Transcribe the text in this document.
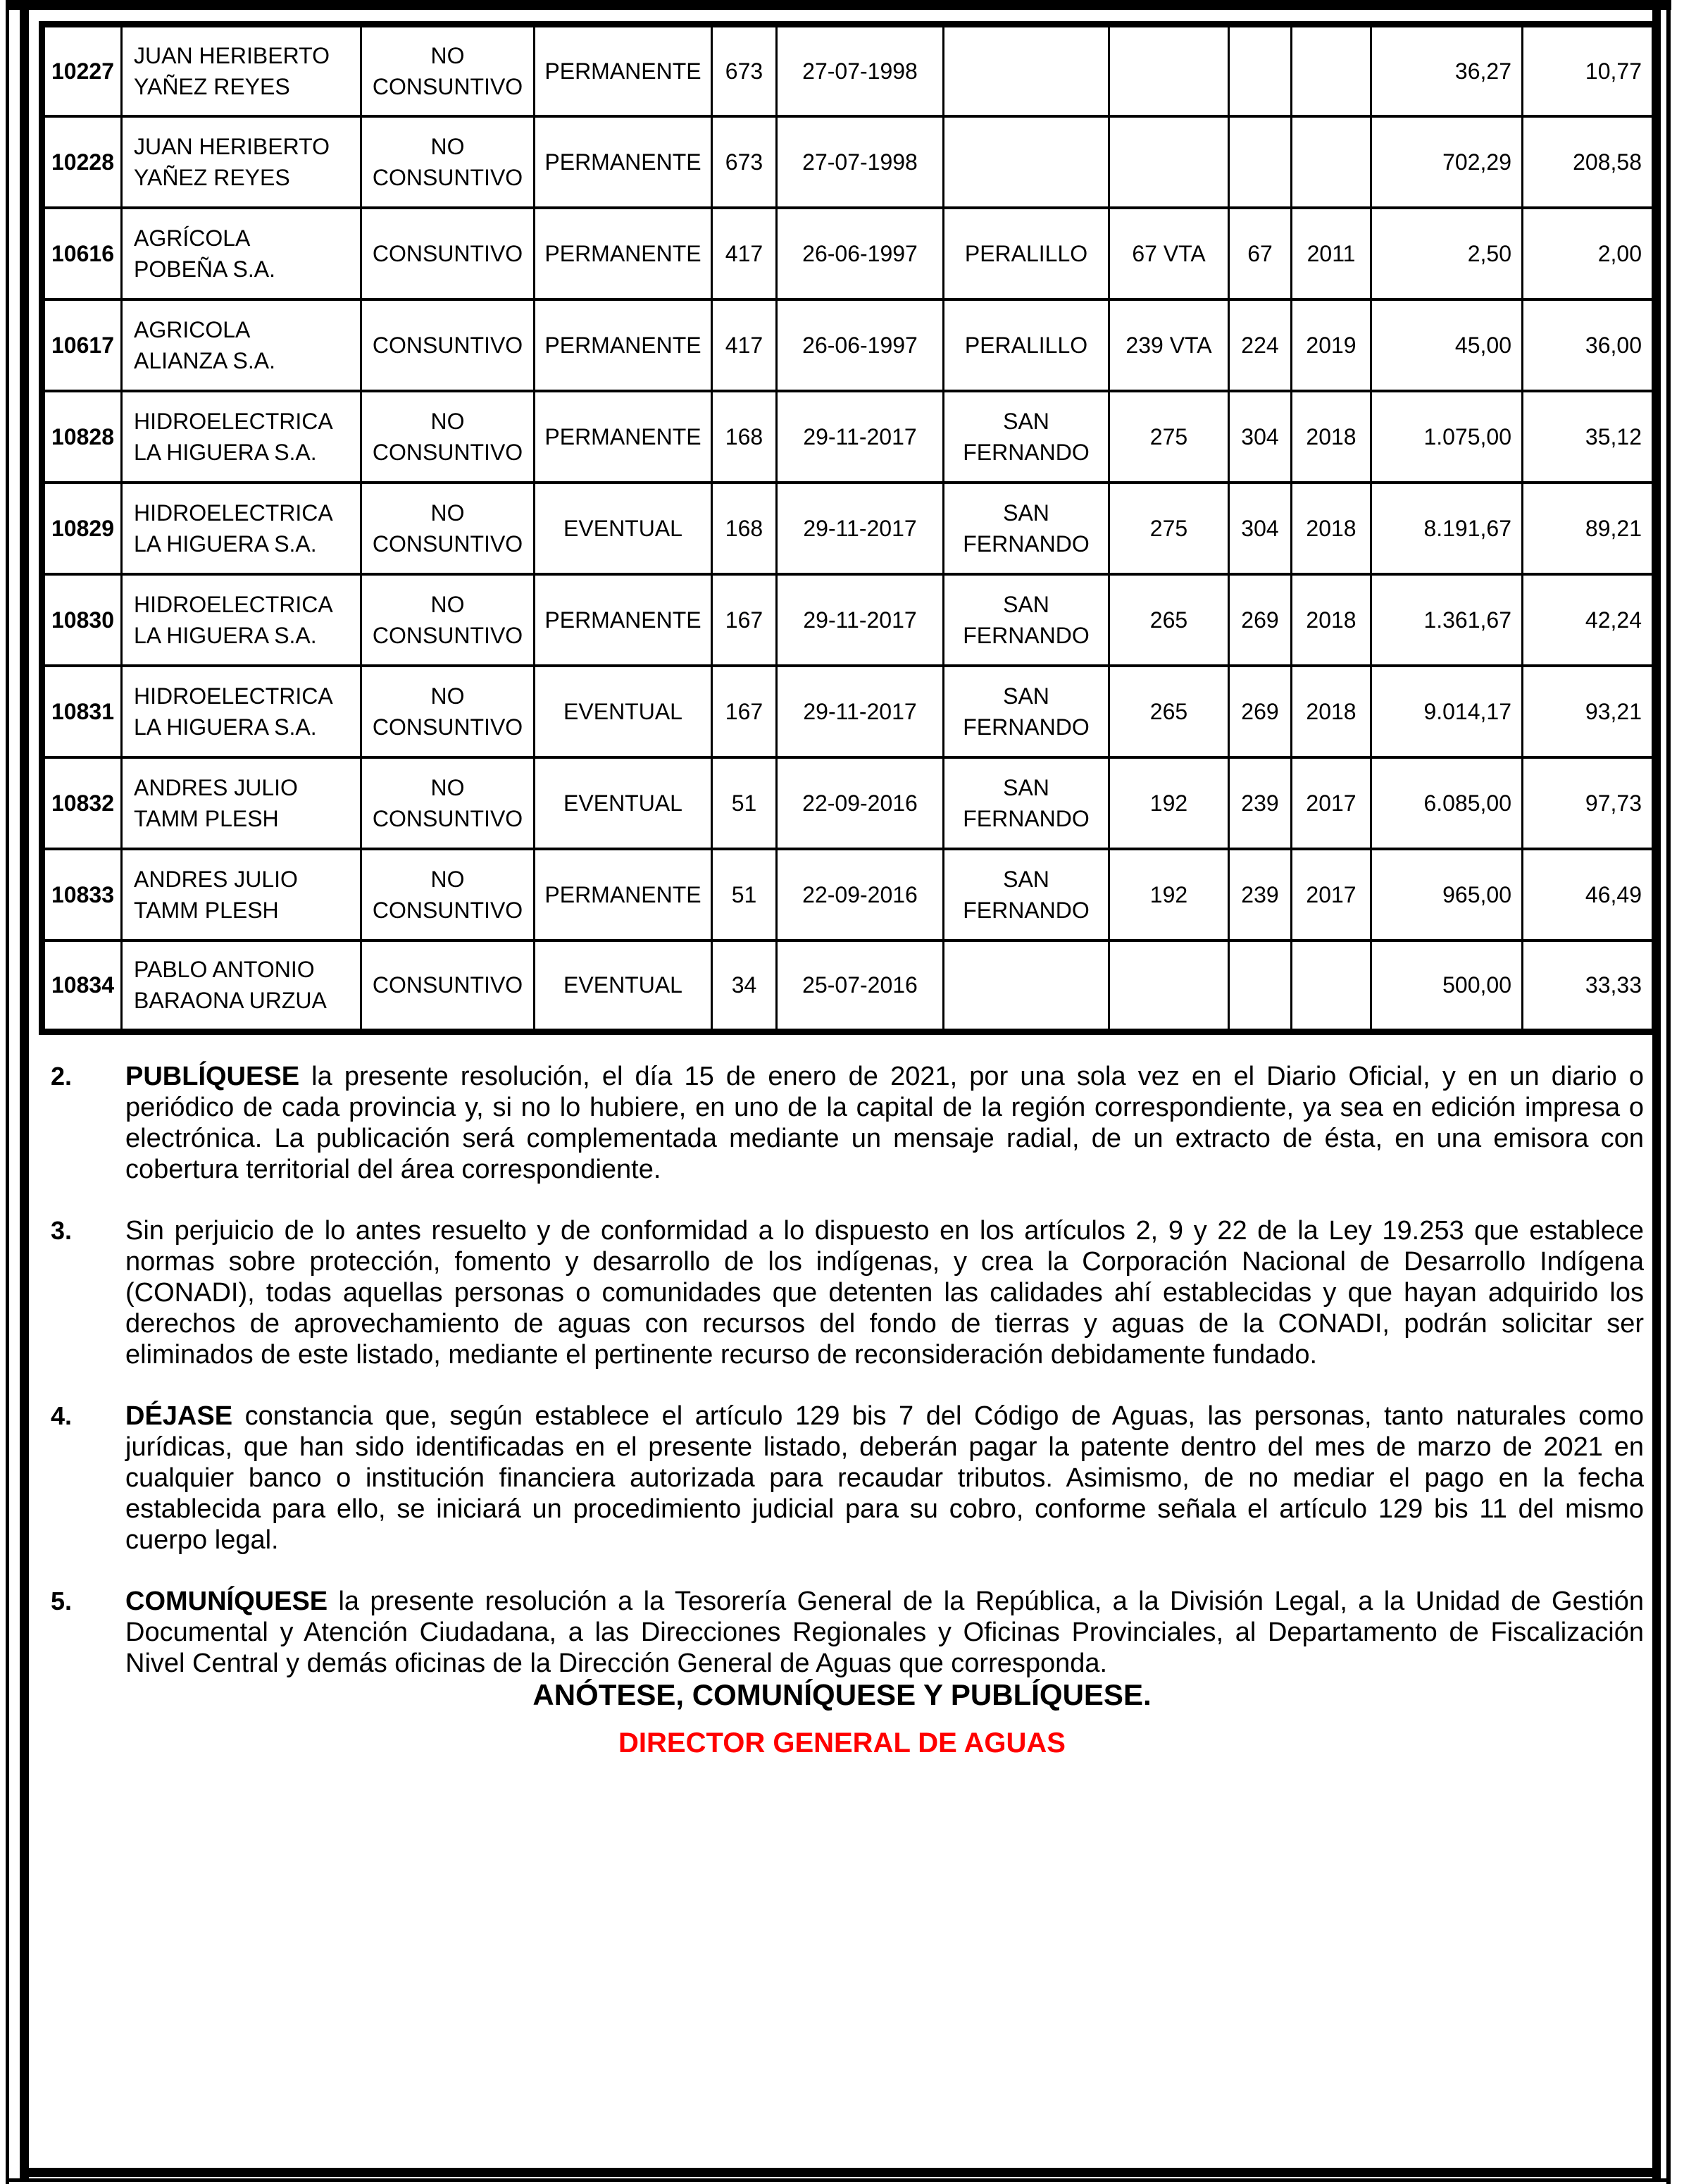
10227	JUAN HERIBERTO YAÑEZ REYES	NO CONSUNTIVO	PERMANENTE	673	27-07-1998					36,27	10,77
10228	JUAN HERIBERTO YAÑEZ REYES	NO CONSUNTIVO	PERMANENTE	673	27-07-1998					702,29	208,58
10616	AGRÍCOLA POBEÑA S.A.	CONSUNTIVO	PERMANENTE	417	26-06-1997	PERALILLO	67 VTA	67	2011	2,50	2,00
10617	AGRICOLA ALIANZA S.A.	CONSUNTIVO	PERMANENTE	417	26-06-1997	PERALILLO	239 VTA	224	2019	45,00	36,00
10828	HIDROELECTRICA LA HIGUERA S.A.	NO CONSUNTIVO	PERMANENTE	168	29-11-2017	SAN FERNANDO	275	304	2018	1.075,00	35,12
10829	HIDROELECTRICA LA HIGUERA S.A.	NO CONSUNTIVO	EVENTUAL	168	29-11-2017	SAN FERNANDO	275	304	2018	8.191,67	89,21
10830	HIDROELECTRICA LA HIGUERA S.A.	NO CONSUNTIVO	PERMANENTE	167	29-11-2017	SAN FERNANDO	265	269	2018	1.361,67	42,24
10831	HIDROELECTRICA LA HIGUERA S.A.	NO CONSUNTIVO	EVENTUAL	167	29-11-2017	SAN FERNANDO	265	269	2018	9.014,17	93,21
10832	ANDRES JULIO TAMM PLESH	NO CONSUNTIVO	EVENTUAL	51	22-09-2016	SAN FERNANDO	192	239	2017	6.085,00	97,73
10833	ANDRES JULIO TAMM PLESH	NO CONSUNTIVO	PERMANENTE	51	22-09-2016	SAN FERNANDO	192	239	2017	965,00	46,49
10834	PABLO ANTONIO BARAONA URZUA	CONSUNTIVO	EVENTUAL	34	25-07-2016					500,00	33,33
2.	PUBLÍQUESE la presente resolución, el día 15 de enero de 2021, por una sola vez en el Diario Oficial, y en un diario o periódico de cada provincia y, si no lo hubiere, en uno de la capital de la región correspondiente, ya sea en edición impresa o electrónica. La publicación será complementada mediante un mensaje radial, de un extracto de ésta, en una emisora con cobertura territorial del área correspondiente.
3.	Sin perjuicio de lo antes resuelto y de conformidad a lo dispuesto en los artículos 2, 9 y 22 de la Ley 19.253 que establece normas sobre protección, fomento y desarrollo de los indígenas, y crea la Corporación Nacional de Desarrollo Indígena (CONADI), todas aquellas personas o comunidades que detenten las calidades ahí establecidas y que hayan adquirido los derechos de aprovechamiento de aguas con recursos del fondo de tierras y aguas de la CONADI, podrán solicitar ser eliminados de este listado, mediante el pertinente recurso de reconsideración debidamente fundado.
4.	DÉJASE constancia que, según establece el artículo 129 bis 7 del Código de Aguas, las personas, tanto naturales como jurídicas, que han sido identificadas en el presente listado, deberán pagar la patente dentro del mes de marzo de 2021 en cualquier banco o institución financiera autorizada para recaudar tributos. Asimismo, de no mediar el pago en la fecha establecida para ello, se iniciará un procedimiento judicial para su cobro, conforme señala el artículo 129 bis 11 del mismo cuerpo legal.
5.	COMUNÍQUESE la presente resolución a la Tesorería General de la República, a la División Legal, a la Unidad de Gestión Documental y Atención Ciudadana, a las Direcciones Regionales y Oficinas Provinciales, al Departamento de Fiscalización Nivel Central y demás oficinas de la Dirección General de Aguas que corresponda.
ANÓTESE, COMUNÍQUESE Y PUBLÍQUESE.
DIRECTOR GENERAL DE AGUAS
